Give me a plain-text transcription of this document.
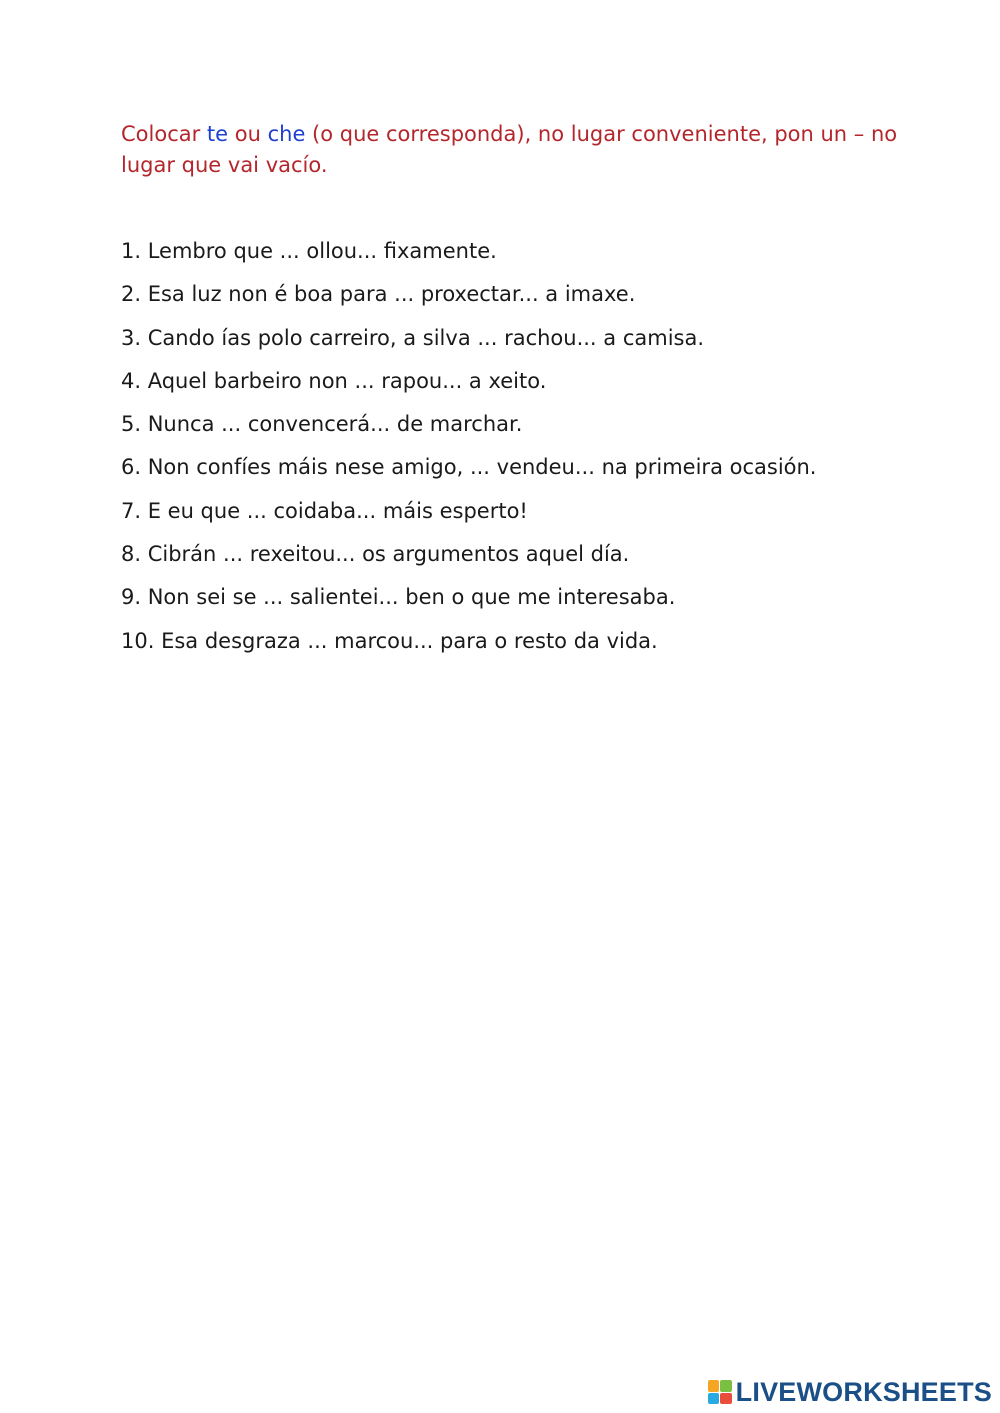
Colocar te ou che (o que corresponda), no lugar conveniente, pon un – no lugar que vai vacío.
1. Lembro que ... ollou... fixamente.
2. Esa luz non é boa para ... proxectar... a imaxe.
3. Cando ías polo carreiro, a silva ... rachou... a camisa.
4. Aquel barbeiro non ... rapou... a xeito.
5. Nunca ... convencerá... de marchar.
6. Non confíes máis nese amigo, ... vendeu... na primeira ocasión.
7. E eu que ... coidaba... máis esperto!
8. Cibrán ... rexeitou... os argumentos aquel día.
9. Non sei se ... salientei... ben o que me interesaba.
10. Esa desgraza ... marcou... para o resto da vida.
LIVEWORKSHEETS
